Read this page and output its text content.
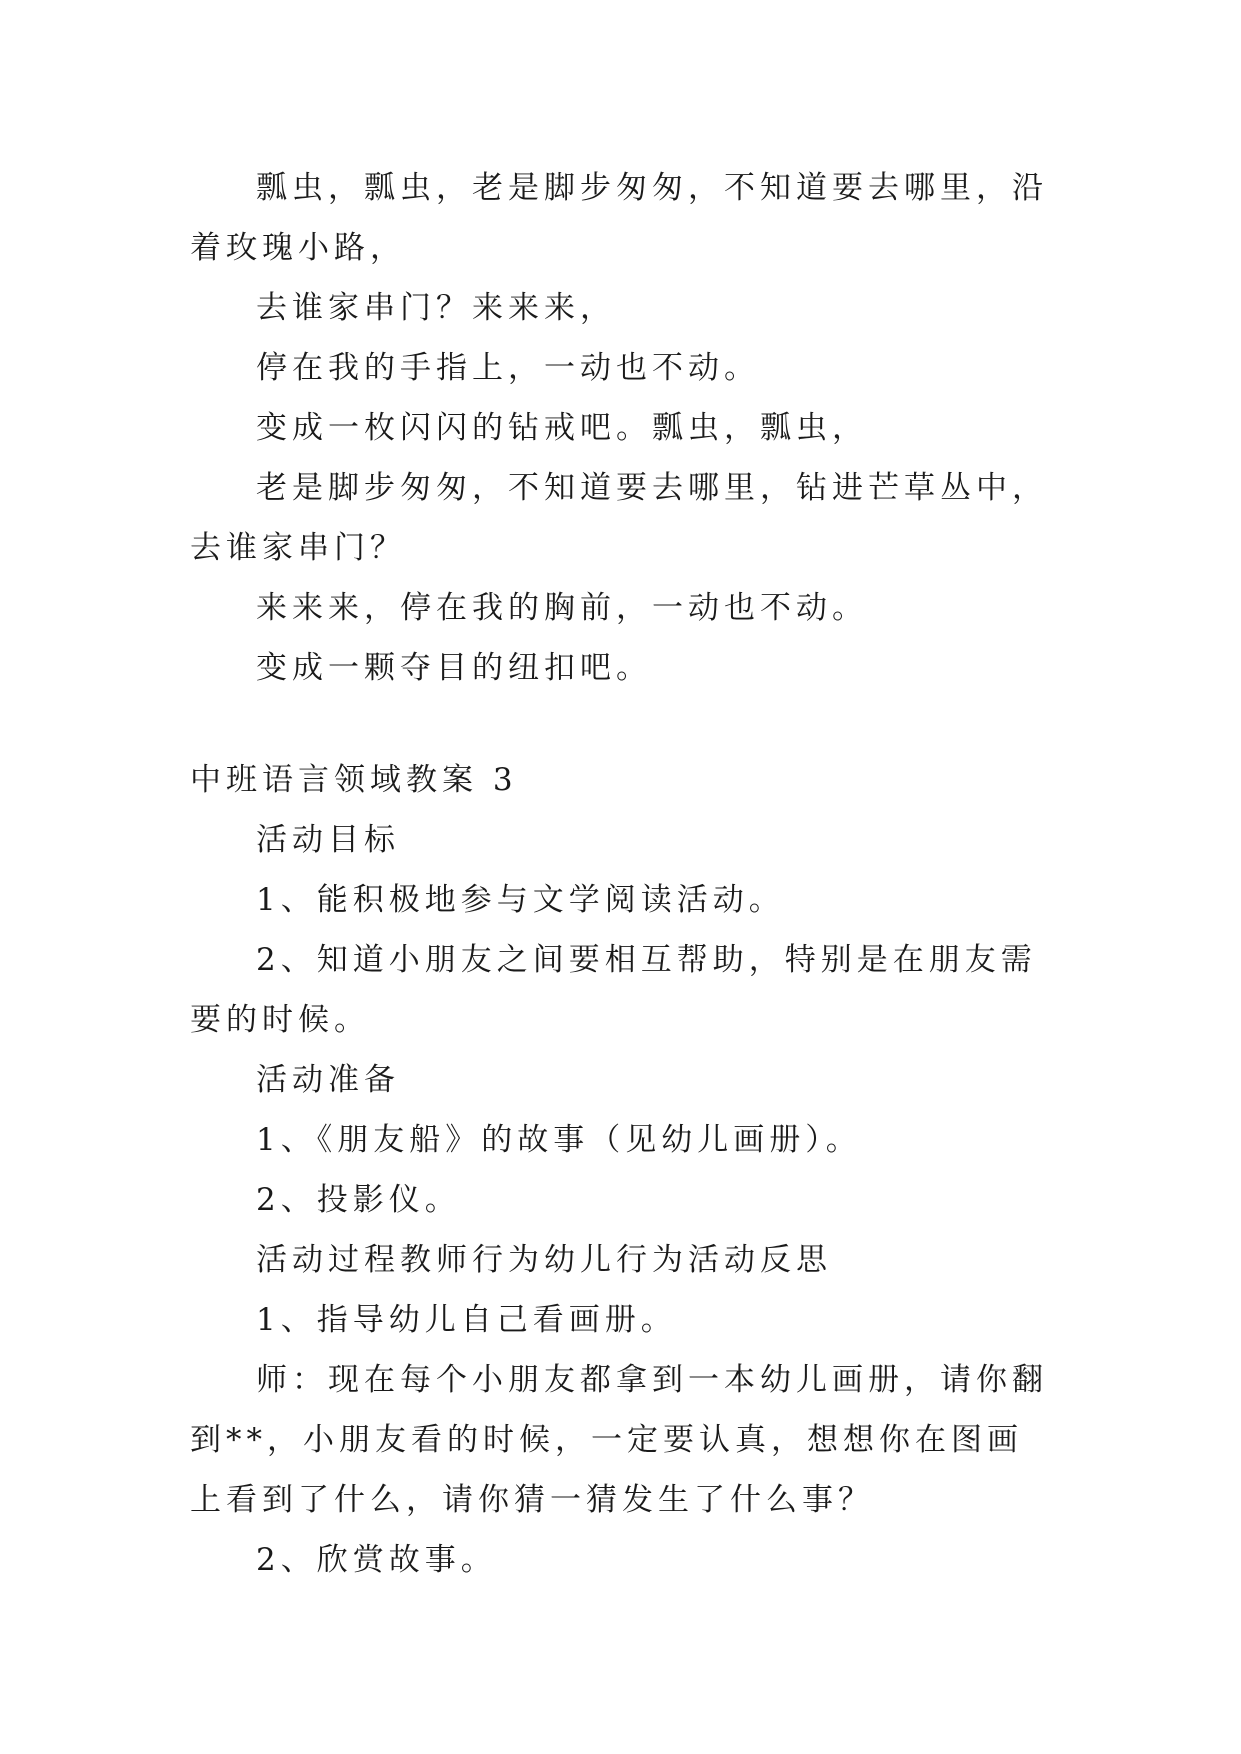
瓢虫，瓢虫，老是脚步匆匆，不知道要去哪里，沿着玫瑰小路，

去谁家串门？来来来，

停在我的手指上，一动也不动。

变成一枚闪闪的钻戒吧。瓢虫，瓢虫，

老是脚步匆匆，不知道要去哪里，钻进芒草丛中，去谁家串门？

来来来，停在我的胸前，一动也不动。

变成一颗夺目的纽扣吧。

中班语言领域教案 3

活动目标

1、能积极地参与文学阅读活动。

2、知道小朋友之间要相互帮助，特别是在朋友需要的时候。

活动准备

1、《朋友船》的故事（见幼儿画册）。

2、投影仪。

活动过程教师行为幼儿行为活动反思

1、指导幼儿自己看画册。

师：现在每个小朋友都拿到一本幼儿画册，请你翻到**，小朋友看的时候，一定要认真，想想你在图画上看到了什么，请你猜一猜发生了什么事？

2、欣赏故事。
